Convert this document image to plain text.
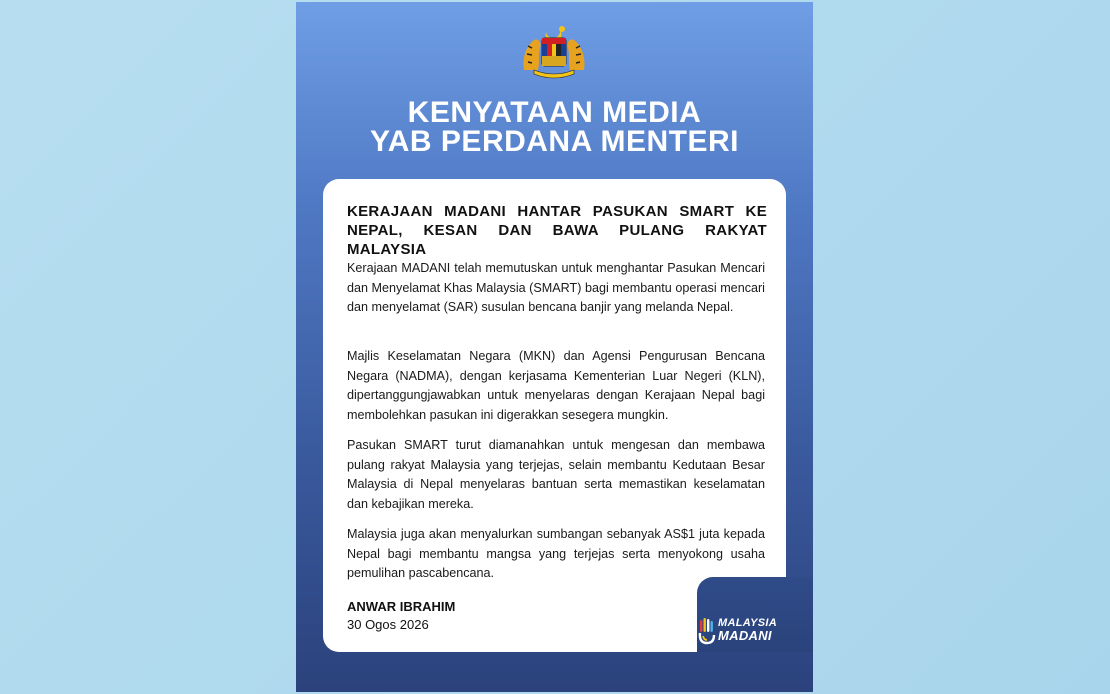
KENYATAAN MEDIA
YAB PERDANA MENTERI
KERAJAAN MADANI HANTAR PASUKAN SMART KE NEPAL, KESAN DAN BAWA PULANG RAKYAT MALAYSIA
Kerajaan MADANI telah memutuskan untuk menghantar Pasukan Mencari dan Menyelamat Khas Malaysia (SMART) bagi membantu operasi mencari dan menyelamat (SAR) susulan bencana banjir yang melanda Nepal.
Majlis Keselamatan Negara (MKN) dan Agensi Pengurusan Bencana Negara (NADMA), dengan kerjasama Kementerian Luar Negeri (KLN), dipertanggungjawabkan untuk menyelaras dengan Kerajaan Nepal bagi membolehkan pasukan ini digerakkan sesegera mungkin.
Pasukan SMART turut diamanahkan untuk mengesan dan membawa pulang rakyat Malaysia yang terjejas, selain membantu Kedutaan Besar Malaysia di Nepal menyelaras bantuan serta memastikan keselamatan dan kebajikan mereka.
Malaysia juga akan menyalurkan sumbangan sebanyak AS$1 juta kepada Nepal bagi membantu mangsa yang terjejas serta menyokong usaha pemulihan pascabencana.
ANWAR IBRAHIM
30 Ogos 2026	MALAYSIA
MADANI
